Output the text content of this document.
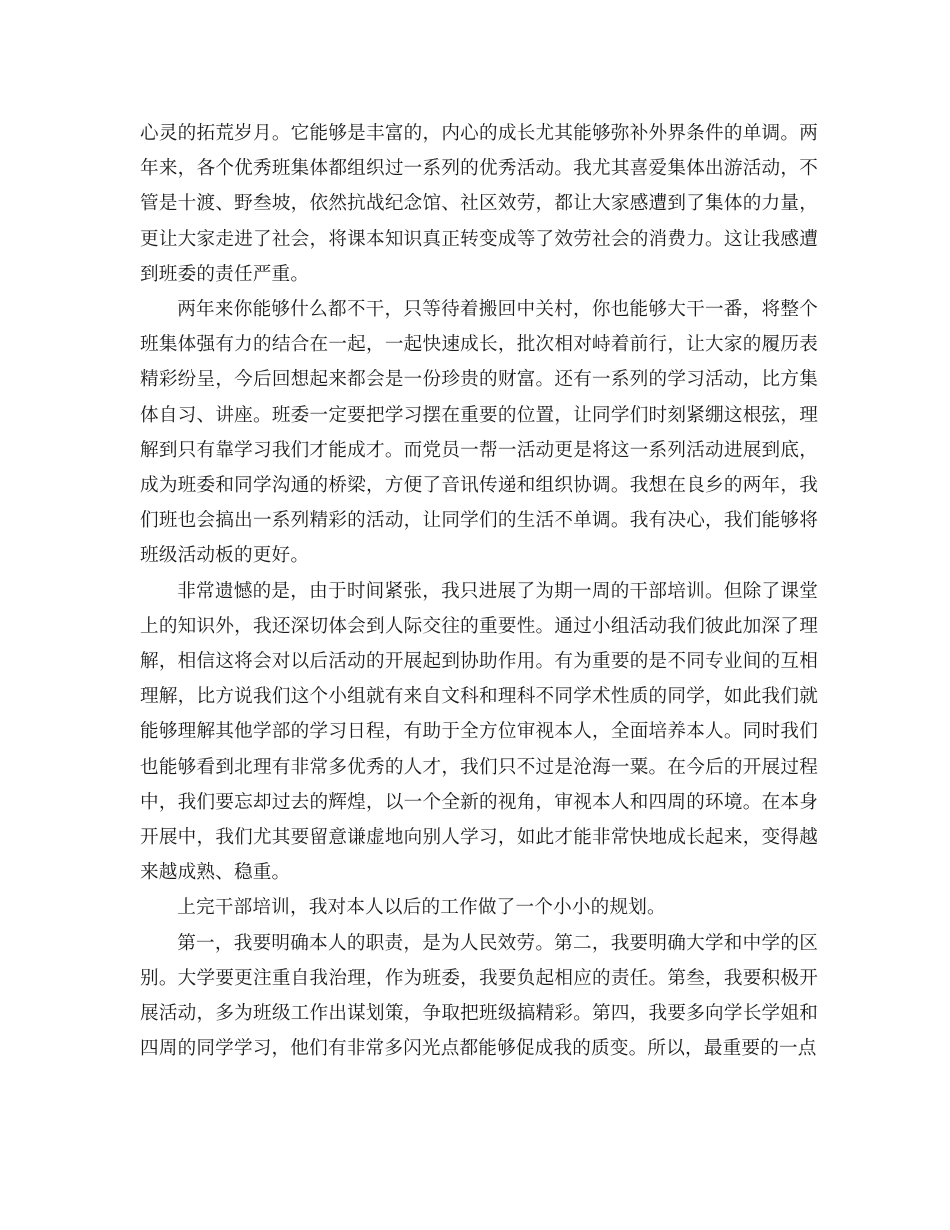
心灵的拓荒岁月。它能够是丰富的，内心的成长尤其能够弥补外界条件的单调。两年来，各个优秀班集体都组织过一系列的优秀活动。我尤其喜爱集体出游活动，不管是十渡、野叁坡，依然抗战纪念馆、社区效劳，都让大家感遭到了集体的力量，更让大家走进了社会，将课本知识真正转变成等了效劳社会的消费力。这让我感遭到班委的责任严重。

两年来你能够什么都不干，只等待着搬回中关村，你也能够大干一番，将整个班集体强有力的结合在一起，一起快速成长，批次相对峙着前行，让大家的履历表精彩纷呈，今后回想起来都会是一份珍贵的财富。还有一系列的学习活动，比方集体自习、讲座。班委一定要把学习摆在重要的位置，让同学们时刻紧绷这根弦，理解到只有靠学习我们才能成才。而党员一帮一活动更是将这一系列活动进展到底，成为班委和同学沟通的桥梁，方便了音讯传递和组织协调。我想在良乡的两年，我们班也会搞出一系列精彩的活动，让同学们的生活不单调。我有决心，我们能够将班级活动板的更好。

非常遗憾的是，由于时间紧张，我只进展了为期一周的干部培训。但除了课堂上的知识外，我还深切体会到人际交往的重要性。通过小组活动我们彼此加深了理解，相信这将会对以后活动的开展起到协助作用。有为重要的是不同专业间的互相理解，比方说我们这个小组就有来自文科和理科不同学术性质的同学，如此我们就能够理解其他学部的学习日程，有助于全方位审视本人，全面培养本人。同时我们也能够看到北理有非常多优秀的人才，我们只不过是沧海一粟。在今后的开展过程中，我们要忘却过去的辉煌，以一个全新的视角，审视本人和四周的环境。在本身开展中，我们尤其要留意谦虚地向别人学习，如此才能非常快地成长起来，变得越来越成熟、稳重。

上完干部培训，我对本人以后的工作做了一个小小的规划。

第一，我要明确本人的职责，是为人民效劳。第二，我要明确大学和中学的区别。大学要更注重自我治理，作为班委，我要负起相应的责任。第叁，我要积极开展活动，多为班级工作出谋划策，争取把班级搞精彩。第四，我要多向学长学姐和四周的同学学习，他们有非常多闪光点都能够促成我的质变。所以，最重要的一点
